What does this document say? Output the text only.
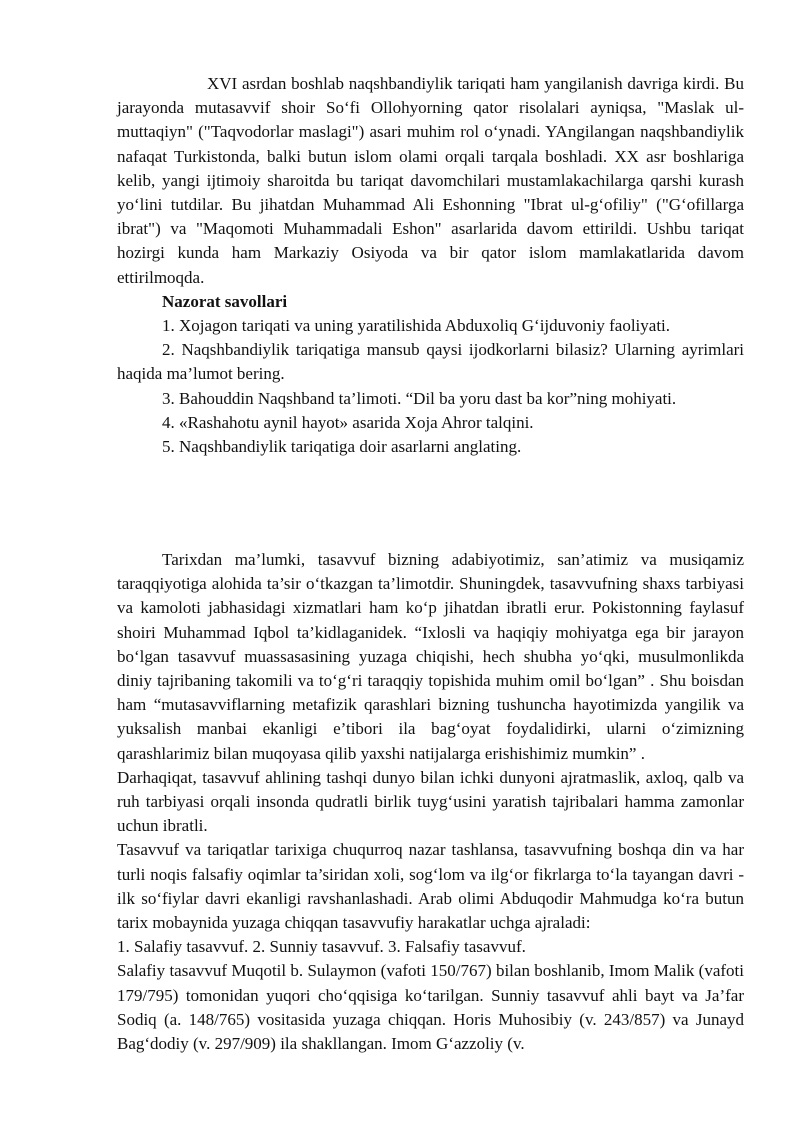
XVI asrdan boshlab naqshbandiylik tariqati ham yangilanish davriga kirdi. Bu jarayonda mutasavvif shoir So‘fi Ollohyorning qator risolalari ayniqsa, "Maslak ul-muttaqiyn" ("Taqvodorlar maslagi") asari muhim rol o‘ynadi. YAngilangan naqshbandiylik nafaqat Turkistonda, balki butun islom olami orqali tarqala boshladi. XX asr boshlariga kelib, yangi ijtimoiy sharoitda bu tariqat davomchilari mustamlakachilarga qarshi kurash yo‘lini tutdilar. Bu jihatdan Muhammad Ali Eshonning "Ibrat ul-g‘ofiliy" ("G‘ofillarga ibrat") va "Maqomoti Muhammadali Eshon" asarlarida davom ettirildi. Ushbu tariqat hozirgi kunda ham Markaziy Osiyoda va bir qator islom mamlakatlarida davom ettirilmoqda.

Nazorat savollari

1. Xojagon tariqati va uning yaratilishida Abduxoliq G‘ijduvoniy faoliyati.

2. Naqshbandiylik tariqatiga mansub qaysi ijodkorlarni bilasiz? Ularning ayrimlari haqida ma’lumot bering.

3. Bahouddin Naqshband ta’limoti. “Dil ba yoru dast ba kor”ning mohiyati.

4. «Rashahotu aynil hayot» asarida Xoja Ahror talqini.

5. Naqshbandiylik tariqatiga doir asarlarni anglating.

Tarixdan ma’lumki, tasavvuf bizning adabiyotimiz, san’atimiz va musiqamiz taraqqiyotiga alohida ta’sir o‘tkazgan ta’limotdir. Shuningdek, tasavvufning shaxs tarbiyasi va kamoloti jabhasidagi xizmatlari ham ko‘p jihatdan ibratli erur. Pokistonning faylasuf shoiri Muhammad Iqbol ta’kidlaganidek. “Ixlosli va haqiqiy mohiyatga ega bir jarayon bo‘lgan tasavvuf muassasasining yuzaga chiqishi, hech shubha yo‘qki, musulmonlikda diniy tajribaning takomili va to‘g‘ri taraqqiy topishida muhim omil bo‘lgan” . Shu boisdan ham “mutasavviflarning metafizik qarashlari bizning tushuncha hayotimizda yangilik va yuksalish manbai ekanligi e’tibori ila bag‘oyat foydalidirki, ularni o‘zimizning qarashlarimiz bilan muqoyasa qilib yaxshi natijalarga erishishimiz mumkin” .

Darhaqiqat, tasavvuf ahlining tashqi dunyo bilan ichki dunyoni ajratmaslik, axloq, qalb va ruh tarbiyasi orqali insonda qudratli birlik tuyg‘usini yaratish tajribalari hamma zamonlar uchun ibratli.

Tasavvuf va tariqatlar tarixiga chuqurroq nazar tashlansa, tasavvufning boshqa din va har turli noqis falsafiy oqimlar ta’siridan xoli, sog‘lom va ilg‘or fikrlarga to‘la tayangan davri - ilk so‘fiylar davri ekanligi ravshanlashadi. Arab olimi Abduqodir Mahmudga ko‘ra butun tarix mobaynida yuzaga chiqqan tasavvufiy harakatlar uchga ajraladi:

1. Salafiy tasavvuf. 2. Sunniy tasavvuf. 3. Falsafiy tasavvuf.

Salafiy tasavvuf Muqotil b. Sulaymon (vafoti 150/767) bilan boshlanib, Imom Malik (vafoti 179/795) tomonidan yuqori cho‘qqisiga ko‘tarilgan. Sunniy tasavvuf ahli bayt va Ja’far Sodiq (a. 148/765) vositasida yuzaga chiqqan. Horis Muhosibiy (v. 243/857) va Junayd Bag‘dodiy (v. 297/909) ila shakllangan. Imom G‘azzoliy (v.
